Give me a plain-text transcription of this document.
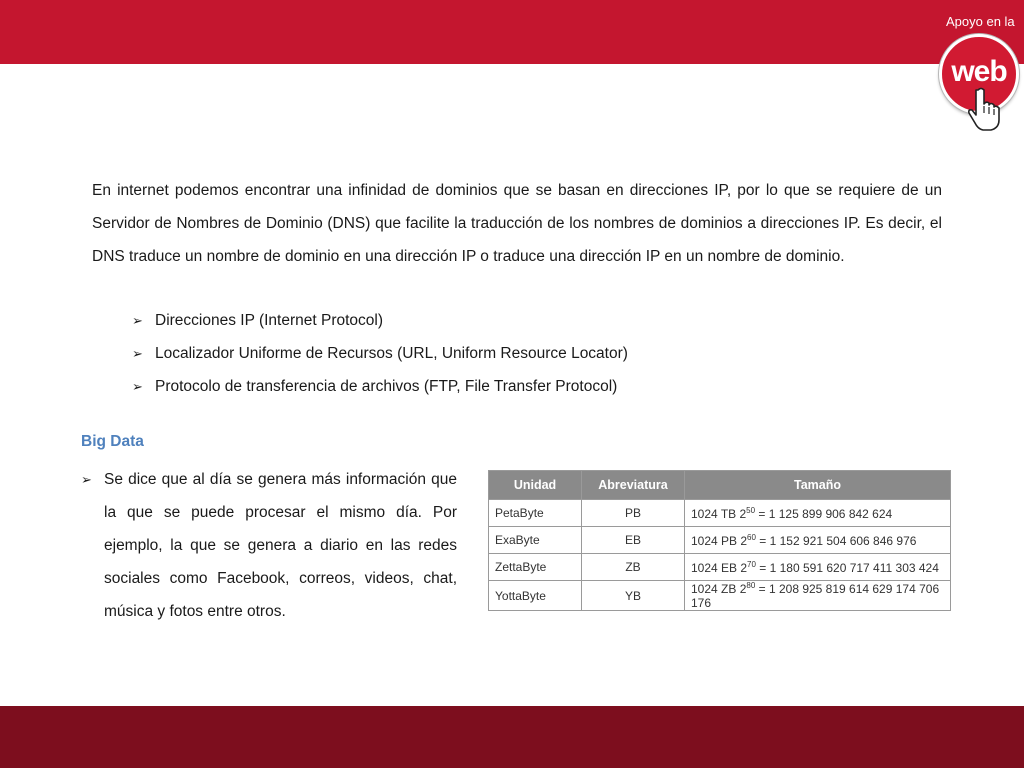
Apoyo en la
web

En internet podemos encontrar una infinidad de dominios que se basan en direcciones IP, por lo que se requiere de un Servidor de Nombres de Dominio (DNS) que facilite la traducción de los nombres de dominios a direcciones IP. Es decir, el DNS traduce un nombre de dominio en una dirección IP o traduce una dirección IP en un nombre de dominio.

➢ Direcciones IP (Internet Protocol)
➢ Localizador Uniforme de Recursos (URL, Uniform Resource Locator)
➢ Protocolo de transferencia de archivos (FTP, File Transfer Protocol)
Big Data
➢ Se dice que al día se genera más información que la que se puede procesar el mismo día. Por ejemplo, la que se genera a diario en las redes sociales como Facebook, correos, videos, chat, música y fotos entre otros.

Unidad	Abreviatura	Tamaño
PetaByte	PB	1024 TB $2^{50} = 1$ 125 899 906 842 624
ExaByte	EB	1024 PB $2^{60} = 1$ 152 921 504 606 846 976
ZettaByte	ZB	1024 EB $2^{70} = 1$ 180 591 620 717 411 303 424
YottaByte	YB	1024 ZB $2^{80} = 1$ 208 925 819 614 629 174 706 176
